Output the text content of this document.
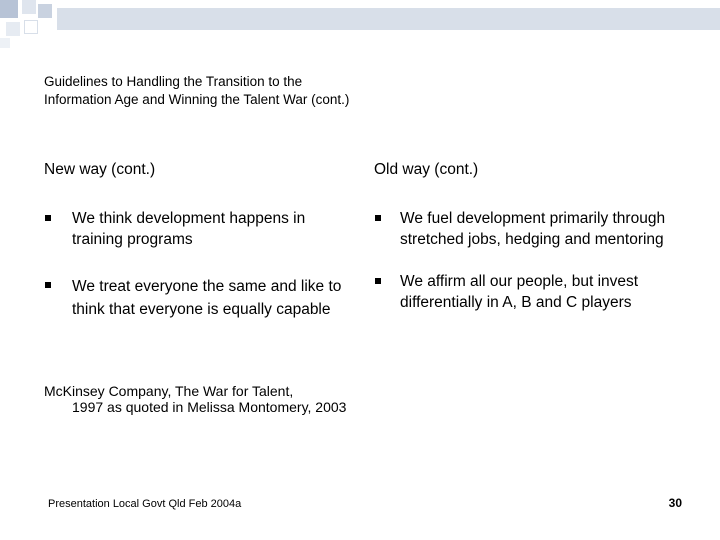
Guidelines to Handling the Transition to the
Information Age and Winning the Talent War (cont.)
New way (cont.)
We think development happens in training programs
We treat everyone the same and like to think that everyone is equally capable
Old way (cont.)
We fuel development primarily through stretched jobs, hedging and mentoring
We affirm all our people, but invest differentially in A, B and C players
McKinsey Company, The War for Talent,
1997 as quoted in Melissa Montomery, 2003
Presentation Local Govt Qld Feb 2004a	30
